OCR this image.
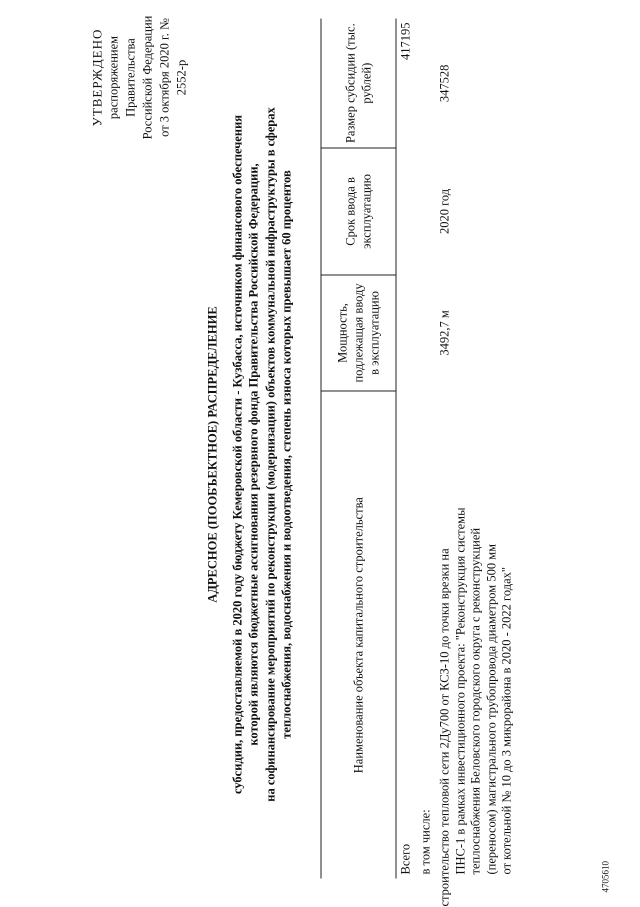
УТВЕРЖДЕНО распоряжением Правительства Российской Федерации от 3 октября 2020 г. № 2552-р
АДРЕСНОЕ (ПООБЪЕКТНОЕ) РАСПРЕДЕЛЕНИЕ субсидии, предоставляемой в 2020 году бюджету Кемеровской области - Кузбасса, источником финансового обеспечения которой являются бюджетные ассигнования резервного фонда Правительства Российской Федерации, на софинансирование мероприятий по реконструкции (модернизации) объектов коммунальной инфраструктуры в сферах теплоснабжения, водоснабжения и водоотведения, степень износа которых превышает 60 процентов	Наименование объекта капитального строительства	Мощность, подлежащая вводу в эксплуатацию	Срок ввода в эксплуатацию	Размер субсидии (тыс. рублей)
Всего			417195
в том числе:			

строительство тепловой сети 2Ду700 от КСЗ-10 до точки врезки на ПНС-1 в рамках инвестиционного проекта: "Реконструкция системы теплоснабжения Беловского городского округа с реконструкцией (переносом) магистрального трубопровода диаметром 500 мм от котельной № 10 до 3 микрорайона в 2020 - 2022 годах"	3492,7 м	2020 год	347528
4705610
